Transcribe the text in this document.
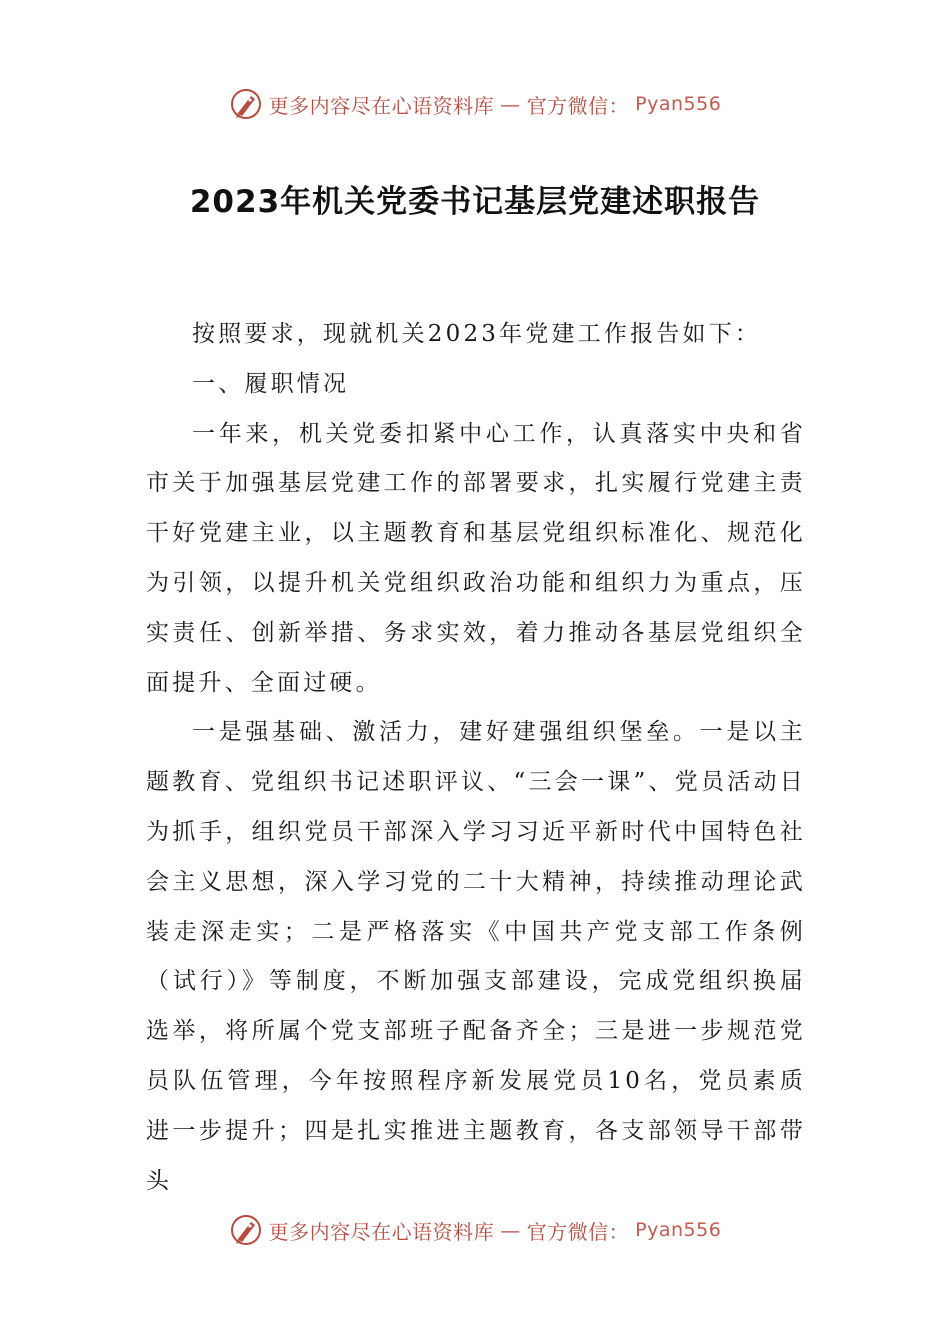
更多内容尽在心语资料库 — 官方微信： Pyan556
2023年机关党委书记基层党建述职报告

按照要求，现就机关2023年党建工作报告如下：

一、履职情况

一年来，机关党委扣紧中心工作，认真落实中央和省市关于加强基层党建工作的部署要求，扎实履行党建主责干好党建主业，以主题教育和基层党组织标准化、规范化为引领，以提升机关党组织政治功能和组织力为重点，压实责任、创新举措、务求实效，着力推动各基层党组织全面提升、全面过硬。

一是强基础、激活力，建好建强组织堡垒。一是以主题教育、党组织书记述职评议、“三会一课”、党员活动日为抓手，组织党员干部深入学习习近平新时代中国特色社会主义思想，深入学习党的二十大精神，持续推动理论武装走深走实；二是严格落实《中国共产党支部工作条例（试行）》等制度，不断加强支部建设，完成党组织换届选举，将所属个党支部班子配备齐全；三是进一步规范党员队伍管理，今年按照程序新发展党员10名，党员素质进一步提升；四是扎实推进主题教育，各支部领导干部带头

更多内容尽在心语资料库 — 官方微信： Pyan556
